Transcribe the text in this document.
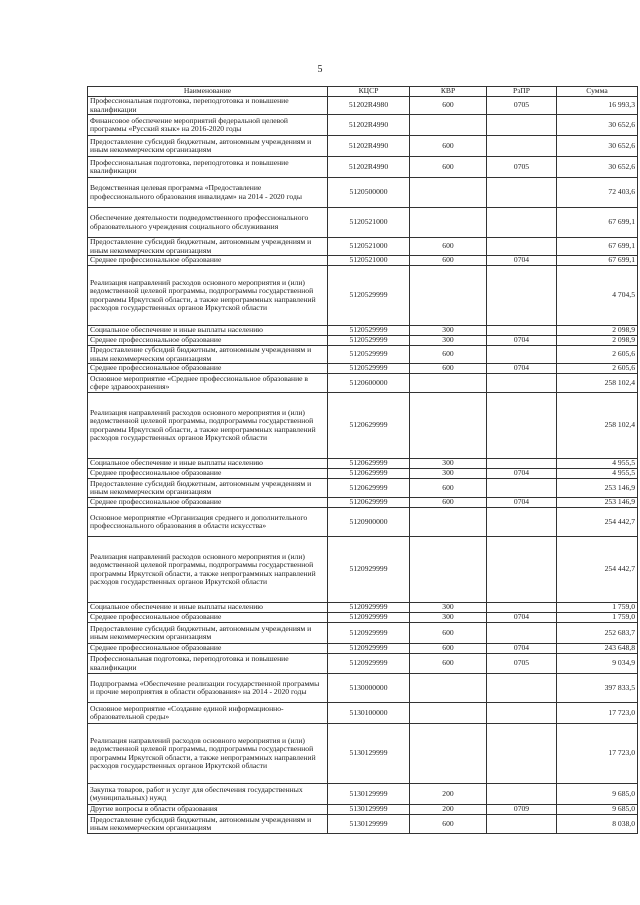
5
Наименование	КЦСР	КВР	РзПР	Сумма
Профессиональная подготовка, переподготовка и повышение квалификации	51202R4980	600	0705	16 993,3
Финансовое обеспечение мероприятий федеральной целевой программы «Русский язык» на 2016-2020 годы	51202R4990			30 652,6
Предоставление субсидий бюджетным, автономным учреждениям и иным некоммерческим организациям	51202R4990	600		30 652,6
Профессиональная подготовка, переподготовка и повышение квалификации	51202R4990	600	0705	30 652,6
Ведомственная целевая программа «Предоставление профессионального образования инвалидам» на 2014 - 2020 годы	5120500000			72 403,6
Обеспечение деятельности подведомственного профессионального образовательного учреждения социального обслуживания	5120521000			67 699,1
Предоставление субсидий бюджетным, автономным учреждениям и иным некоммерческим организациям	5120521000	600		67 699,1
Среднее профессиональное образование	5120521000	600	0704	67 699,1
Реализация направлений расходов основного мероприятия и (или) ведомственной целевой программы, подпрограммы государственной программы Иркутской области, а также непрограммных направлений расходов государственных органов Иркутской области	5120529999			4 704,5
Социальное обеспечение и иные выплаты населению	5120529999	300		2 098,9
Среднее профессиональное образование	5120529999	300	0704	2 098,9
Предоставление субсидий бюджетным, автономным учреждениям и иным некоммерческим организациям	5120529999	600		2 605,6
Среднее профессиональное образование	5120529999	600	0704	2 605,6
Основное мероприятие «Среднее профессиональное образование в сфере здравоохранения»	5120600000			258 102,4
Реализация направлений расходов основного мероприятия и (или) ведомственной целевой программы, подпрограммы государственной программы Иркутской области, а также непрограммных направлений расходов государственных органов Иркутской области	5120629999			258 102,4
Социальное обеспечение и иные выплаты населению	5120629999	300		4 955,5
Среднее профессиональное образование	5120629999	300	0704	4 955,5
Предоставление субсидий бюджетным, автономным учреждениям и иным некоммерческим организациям	5120629999	600		253 146,9
Среднее профессиональное образование	5120629999	600	0704	253 146,9
Основное мероприятие «Организация среднего и дополнительного профессионального образования в области искусства»	5120900000			254 442,7
Реализация направлений расходов основного мероприятия и (или) ведомственной целевой программы, подпрограммы государственной программы Иркутской области, а также непрограммных направлений расходов государственных органов Иркутской области	5120929999			254 442,7
Социальное обеспечение и иные выплаты населению	5120929999	300		1 759,0
Среднее профессиональное образование	5120929999	300	0704	1 759,0
Предоставление субсидий бюджетным, автономным учреждениям и иным некоммерческим организациям	5120929999	600		252 683,7
Среднее профессиональное образование	5120929999	600	0704	243 648,8
Профессиональная подготовка, переподготовка и повышение квалификации	5120929999	600	0705	9 034,9
Подпрограмма «Обеспечение реализации государственной программы и прочие мероприятия в области образования» на 2014 - 2020 годы	5130000000			397 833,5
Основное мероприятие «Создание единой информационно-образовательной среды»	5130100000			17 723,0
Реализация направлений расходов основного мероприятия и (или) ведомственной целевой программы, подпрограммы государственной программы Иркутской области, а также непрограммных направлений расходов государственных органов Иркутской области	5130129999			17 723,0
Закупка товаров, работ и услуг для обеспечения государственных (муниципальных) нужд	5130129999	200		9 685,0
Другие вопросы в области образования	5130129999	200	0709	9 685,0
Предоставление субсидий бюджетным, автономным учреждениям и иным некоммерческим организациям	5130129999	600		8 038,0
